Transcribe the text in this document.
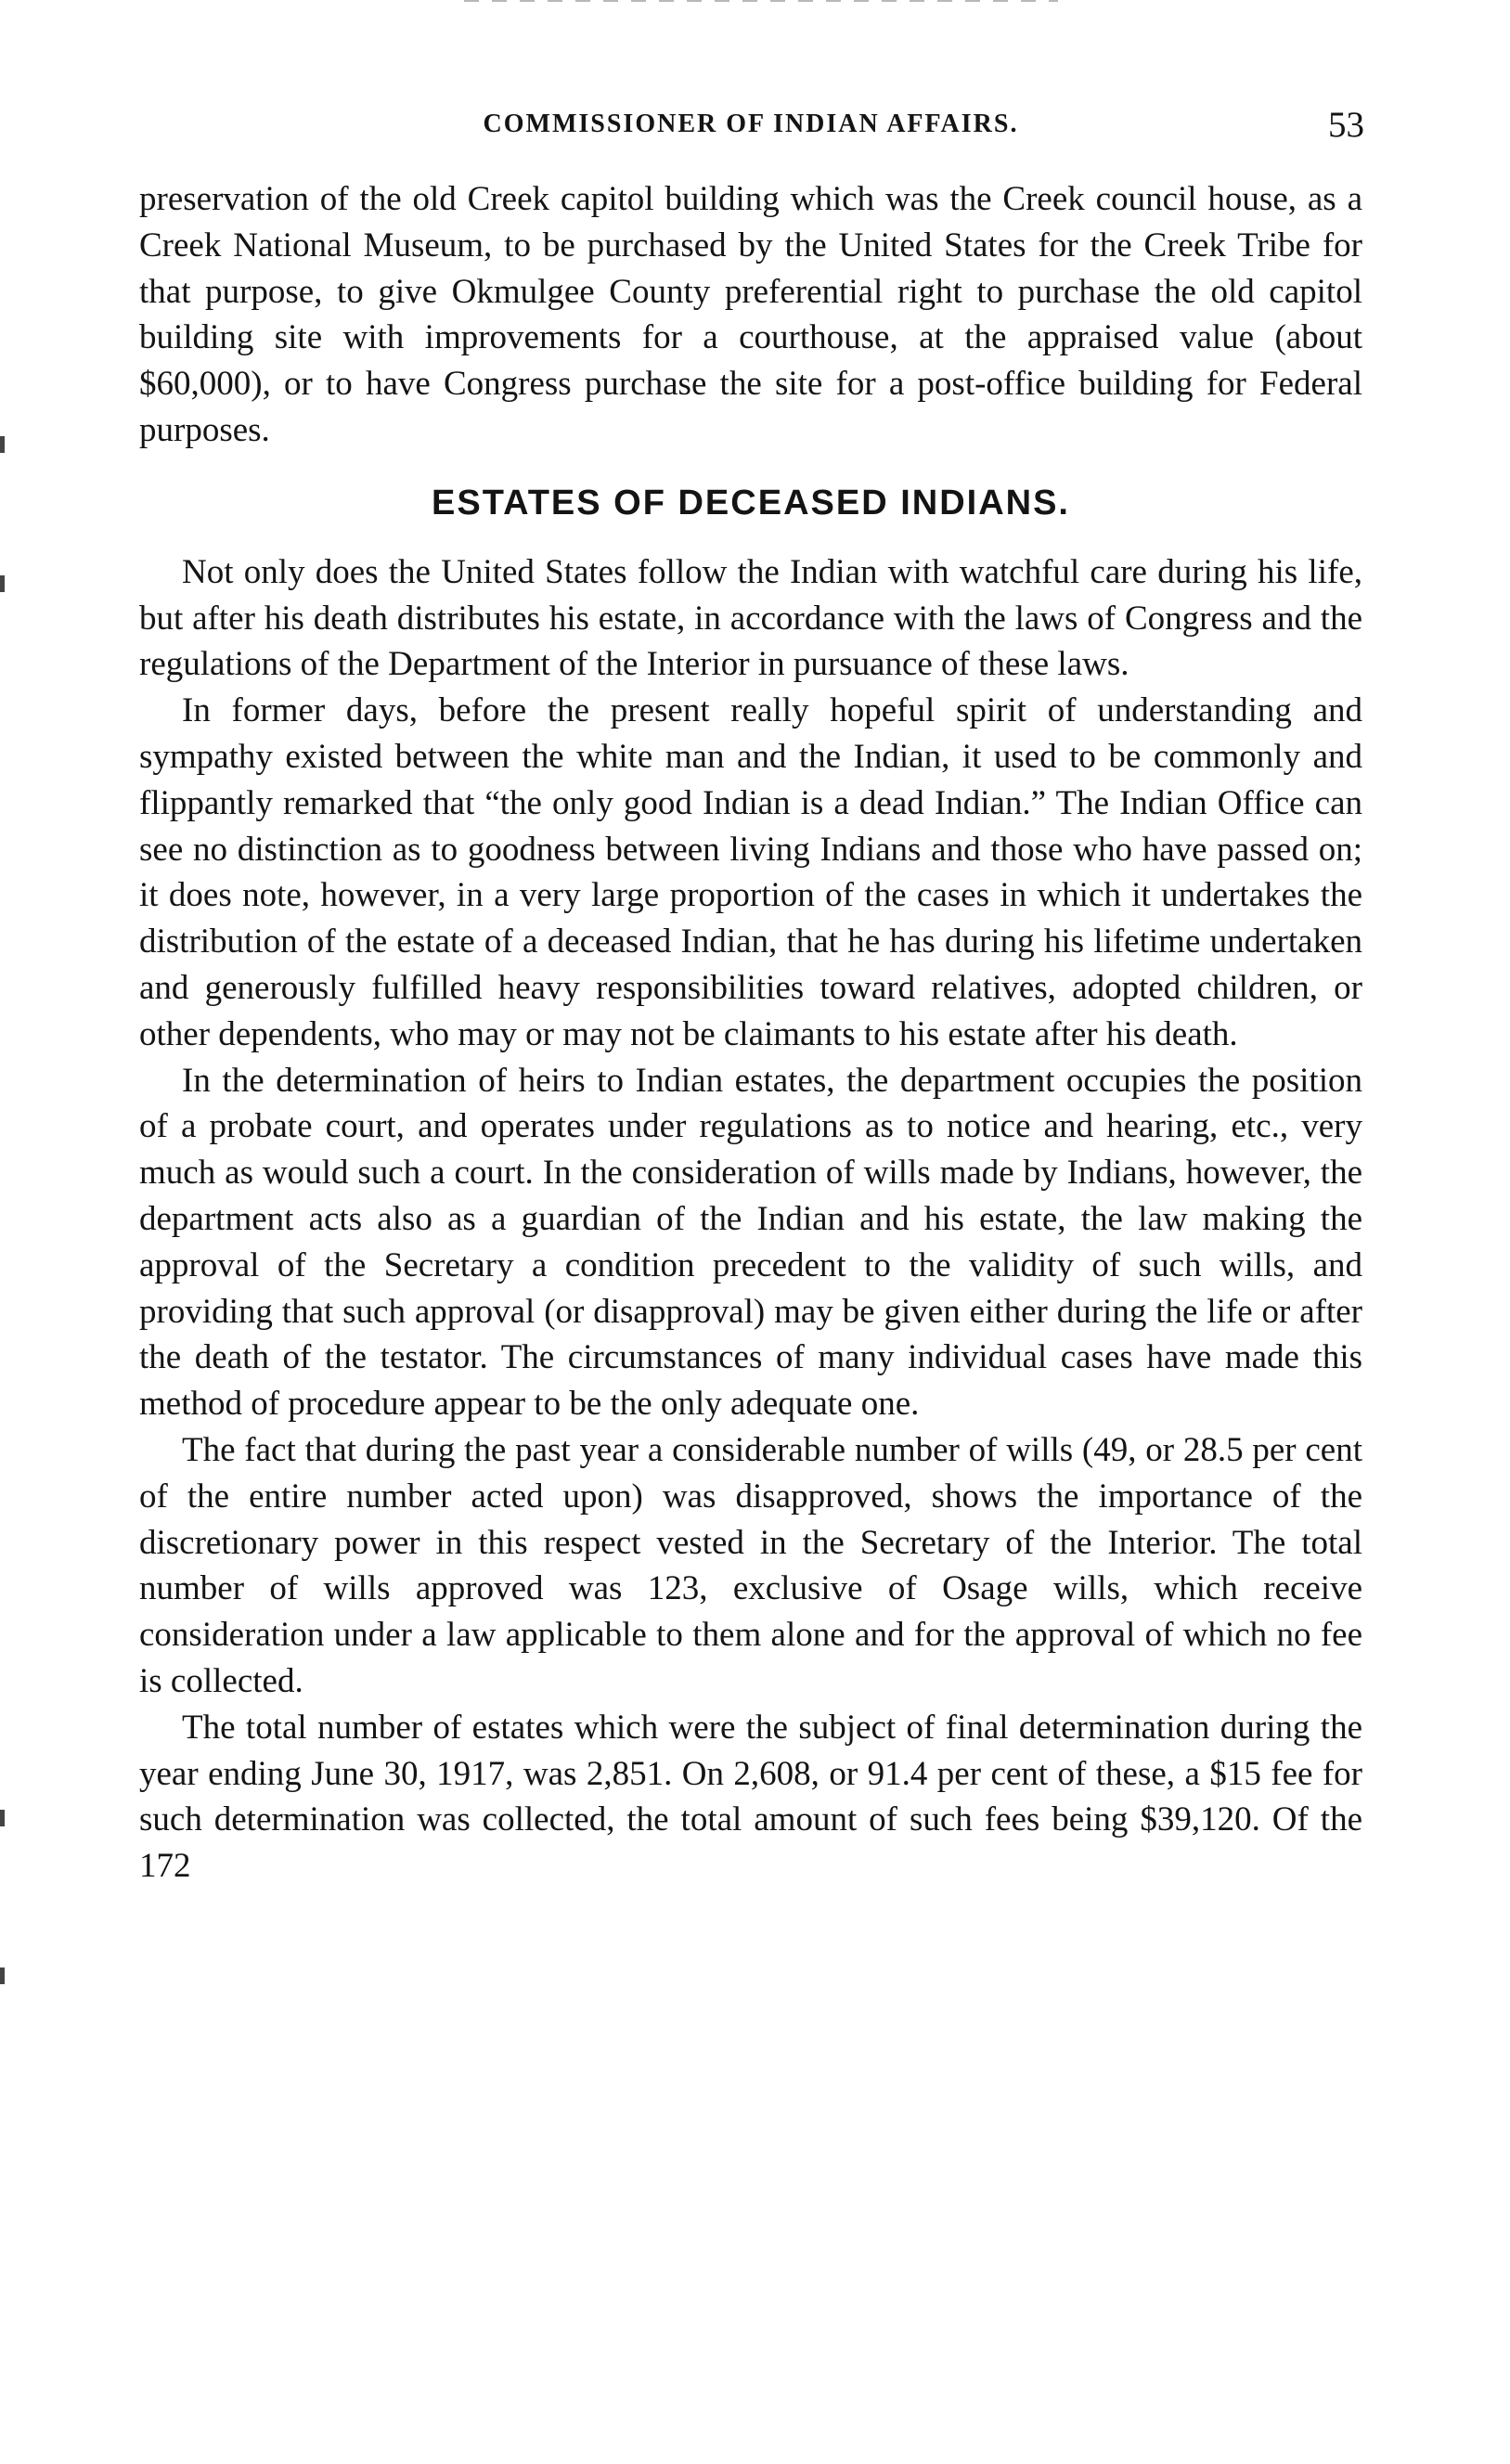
COMMISSIONER OF INDIAN AFFAIRS.	53

preservation of the old Creek capitol building which was the Creek council house, as a Creek National Museum, to be purchased by the United States for the Creek Tribe for that purpose, to give Okmulgee County preferential right to purchase the old capitol building site with improvements for a courthouse, at the appraised value (about $60,000), or to have Congress purchase the site for a post-office building for Federal purposes.

ESTATES OF DECEASED INDIANS.

Not only does the United States follow the Indian with watchful care during his life, but after his death distributes his estate, in accordance with the laws of Congress and the regulations of the Department of the Interior in pursuance of these laws.

In former days, before the present really hopeful spirit of understanding and sympathy existed between the white man and the Indian, it used to be commonly and flippantly remarked that “the only good Indian is a dead Indian.” The Indian Office can see no distinction as to goodness between living Indians and those who have passed on; it does note, however, in a very large proportion of the cases in which it undertakes the distribution of the estate of a deceased Indian, that he has during his lifetime undertaken and generously fulfilled heavy responsibilities toward relatives, adopted children, or other dependents, who may or may not be claimants to his estate after his death.

In the determination of heirs to Indian estates, the department occupies the position of a probate court, and operates under regulations as to notice and hearing, etc., very much as would such a court. In the consideration of wills made by Indians, however, the department acts also as a guardian of the Indian and his estate, the law making the approval of the Secretary a condition precedent to the validity of such wills, and providing that such approval (or disapproval) may be given either during the life or after the death of the testator. The circumstances of many individual cases have made this method of procedure appear to be the only adequate one.

The fact that during the past year a considerable number of wills (49, or 28.5 per cent of the entire number acted upon) was disapproved, shows the importance of the discretionary power in this respect vested in the Secretary of the Interior. The total number of wills approved was 123, exclusive of Osage wills, which receive consideration under a law applicable to them alone and for the approval of which no fee is collected.

The total number of estates which were the subject of final determination during the year ending June 30, 1917, was 2,851. On 2,608, or 91.4 per cent of these, a $15 fee for such determination was collected, the total amount of such fees being $39,120. Of the 172
